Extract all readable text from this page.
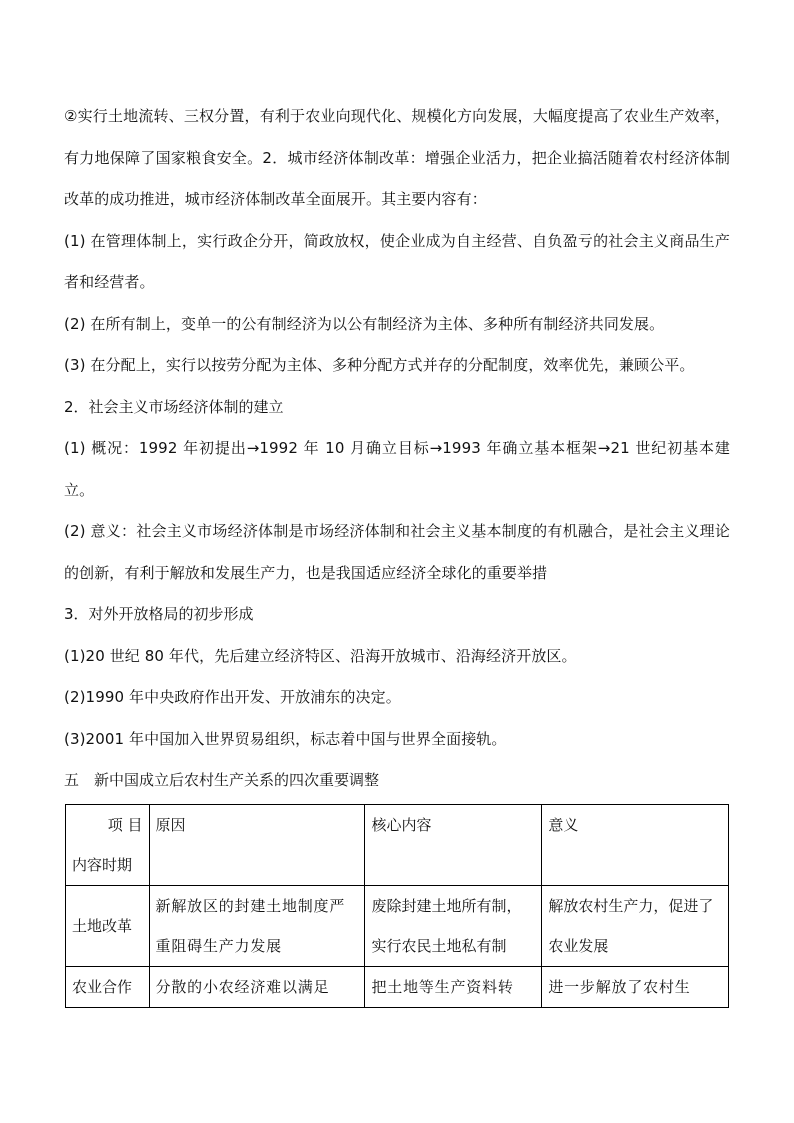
②实行土地流转、三权分置，有利于农业向现代化、规模化方向发展，大幅度提高了农业生产效率，有力地保障了国家粮食安全。2．城市经济体制改革：增强企业活力，把企业搞活随着农村经济体制改革的成功推进，城市经济体制改革全面展开。其主要内容有：

(1) 在管理体制上，实行政企分开，简政放权，使企业成为自主经营、自负盈亏的社会主义商品生产者和经营者。

(2) 在所有制上，变单一的公有制经济为以公有制经济为主体、多种所有制经济共同发展。

(3) 在分配上，实行以按劳分配为主体、多种分配方式并存的分配制度，效率优先，兼顾公平。

2．社会主义市场经济体制的建立

(1) 概况：1992 年初提出→1992 年 10 月确立目标→1993 年确立基本框架→21 世纪初基本建立。

(2) 意义：社会主义市场经济体制是市场经济体制和社会主义基本制度的有机融合，是社会主义理论的创新，有利于解放和发展生产力，也是我国适应经济全球化的重要举措

3．对外开放格局的初步形成

(1)20 世纪 80 年代，先后建立经济特区、沿海开放城市、沿海经济开放区。

(2)1990 年中央政府作出开发、开放浦东的决定。

(3)2001 年中国加入世界贸易组织，标志着中国与世界全面接轨。

五　新中国成立后农村生产关系的四次重要调整

项 目
内容时期	原因	核心内容	意义
土地改革	新解放区的封建土地制度严重阻碍生产力发展	废除封建土地所有制，实行农民土地私有制	解放农村生产力，促进了农业发展
农业合作	分散的小农经济难以满足	把土地等生产资料转	进一步解放了农村生
